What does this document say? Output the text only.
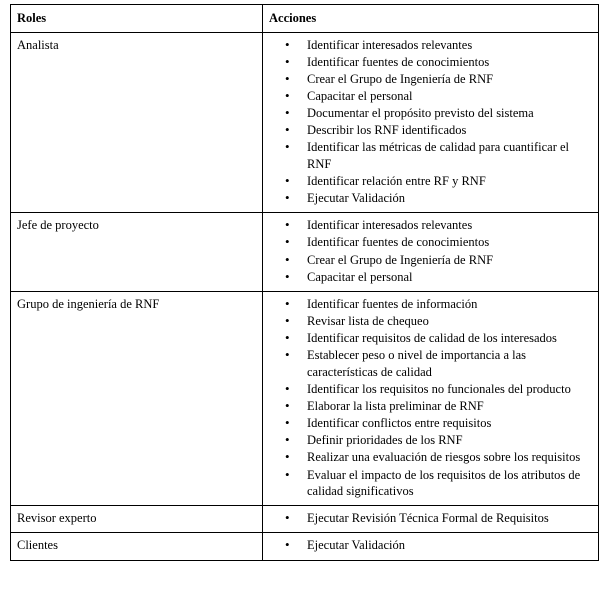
Roles	Acciones
Analista	
•Identificar interesados relevantes
• Identificar fuentes de conocimientos
• Crear el Grupo de Ingeniería de RNF
• Capacitar el personal
• Documentar el propósito previsto del sistema
• Describir los RNF identificados
• Identificar las métricas de calidad para cuantificar el RNF
• Identificar relación entre RF y RNF
• Ejecutar Validación

Jefe de proyecto	
•Identificar interesados relevantes
• Identificar fuentes de conocimientos
• Crear el Grupo de Ingeniería de RNF
• Capacitar el personal

Grupo de ingeniería de RNF	
•Identificar fuentes de información
• Revisar lista de chequeo
• Identificar requisitos de calidad de los interesados
• Establecer peso o nivel de importancia a las características de calidad
• Identificar los requisitos no funcionales del producto
• Elaborar la lista preliminar de RNF
• Identificar conflictos entre requisitos
• Definir prioridades de los RNF
• Realizar una evaluación de riesgos sobre los requisitos
• Evaluar el impacto de los requisitos de los atributos de calidad significativos

Revisor experto	
•Ejecutar Revisión Técnica Formal de Requisitos

Clientes	
•Ejecutar Validación
